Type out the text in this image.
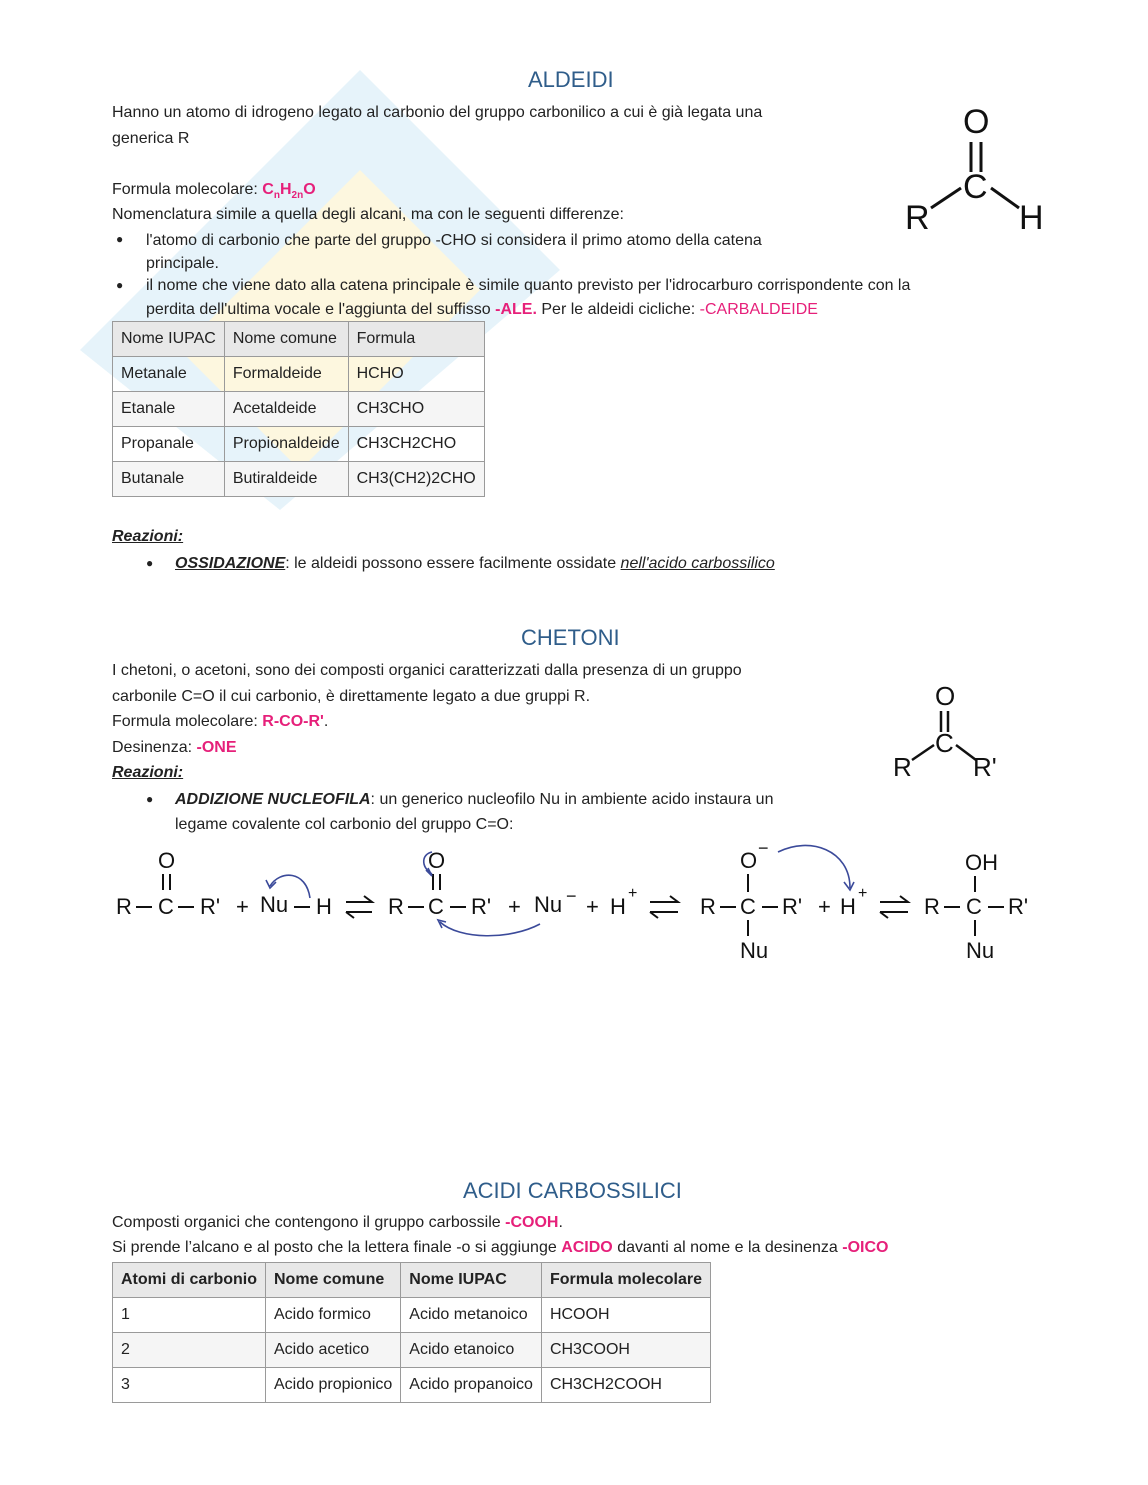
ALDEIDI
Hanno un atomo di idrogeno legato al carbonio del gruppo carbonilico a cui è già legata una
generica R
Formula molecolare: $C_nH_{2n}O$
Nomenclatura simile a quella degli alcani, ma con le seguenti differenze:
● l'atomo di carbonio che parte del gruppo -CHO si considera il primo atomo della catena
principale.
● il nome che viene dato alla catena principale è simile quanto previsto per l'idrocarburo corrispondente con la
perdita dell'ultima vocale e l'aggiunta del suffisso -ALE. Per le aldeidi cicliche: -CARBALDEIDE
O
C
R	H
Nome IUPAC	Nome comune	Formula
Metanale	Formaldeide	HCHO
Etanale	Acetaldeide	CH3CHO
Propanale	Propionaldeide	CH3CH2CHO
Butanale	Butiraldeide	CH3(CH2)2CHO
Reazioni:
● OSSIDAZIONE: le aldeidi possono essere facilmente ossidate nell'acido carbossilico
CHETONI
I chetoni, o acetoni, sono dei composti organici caratterizzati dalla presenza di un gruppo
carbonile C=O il cui carbonio, è direttamente legato a due gruppi R.
Formula molecolare: R-CO-R'.
Desinenza: -ONE
Reazioni:
● ADDIZIONE NUCLEOFILA: un generico nucleofilo Nu in ambiente acido instaura un
legame covalente col carbonio del gruppo C=O:
O
C
R R'
O
R C R' + Nu H
O
R C R' + Nu − + H
+
O −
R C R'
Nu
+ H
+
OH
R C R'
Nu
ACIDI CARBOSSILICI
Composti organici che contengono il gruppo carbossile -COOH.
Si prende l’alcano e al posto che la lettera finale -o si aggiunge ACIDO davanti al nome e la desinenza -OICO
Atomi di carbonio	Nome comune	Nome IUPAC	Formula molecolare
1	Acido formico	Acido metanoico	HCOOH
2	Acido acetico	Acido etanoico	CH3COOH
3	Acido propionico	Acido propanoico	CH3CH2COOH
